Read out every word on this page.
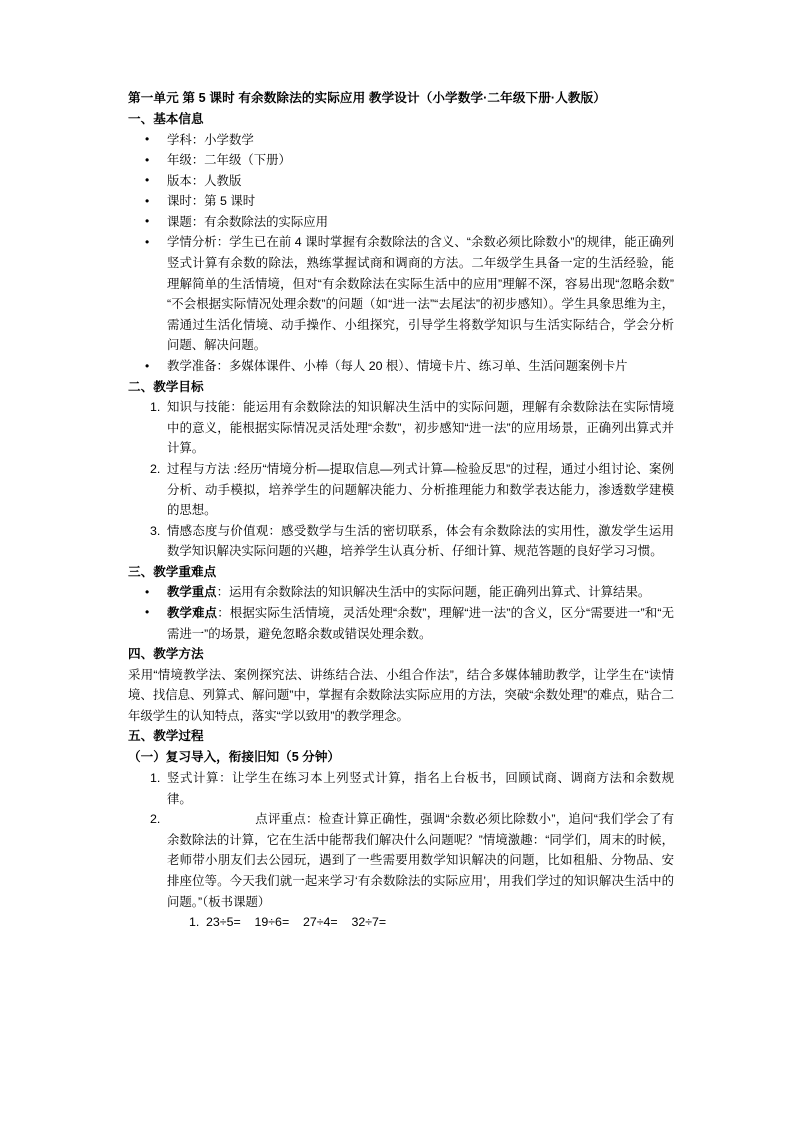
第一单元 第 5 课时 有余数除法的实际应用 教学设计（小学数学·二年级下册·人教版）
一、基本信息
• 学科：小学数学
• 年级：二年级（下册）
• 版本：人教版
• 课时：第 5 课时
• 课题：有余数除法的实际应用
• 学情分析：学生已在前 4 课时掌握有余数除法的含义、“余数必须比除数小”的规律，能正确列竖式计算有余数的除法，熟练掌握试商和调商的方法。二年级学生具备一定的生活经验，能理解简单的生活情境，但对“有余数除法在实际生活中的应用”理解不深，容易出现“忽略余数”“不会根据实际情况处理余数”的问题（如“进一法”“去尾法”的初步感知）。学生具象思维为主，需通过生活化情境、动手操作、小组探究，引导学生将数学知识与生活实际结合，学会分析问题、解决问题。
• 教学准备：多媒体课件、小棒（每人 20 根）、情境卡片、练习单、生活问题案例卡片
二、教学目标
知识与技能：能运用有余数除法的知识解决生活中的实际问题，理解有余数除法在实际情境中的意义，能根据实际情况灵活处理“余数”，初步感知“进一法”的应用场景，正确列出算式并计算。
过程与方法 :经历“情境分析—提取信息—列式计算—检验反思”的过程，通过小组讨论、案例分析、动手模拟，培养学生的问题解决能力、分析推理能力和数学表达能力，渗透数学建模的思想。
情感态度与价值观：感受数学与生活的密切联系，体会有余数除法的实用性，激发学生运用数学知识解决实际问题的兴趣，培养学生认真分析、仔细计算、规范答题的良好学习习惯。
三、教学重难点
• 教学重点：运用有余数除法的知识解决生活中的实际问题，能正确列出算式、计算结果。
• 教学难点：根据实际生活情境，灵活处理“余数”，理解“进一法”的含义，区分“需要进一”和“无需进一”的场景，避免忽略余数或错误处理余数。
四、教学方法

采用“情境教学法、案例探究法、讲练结合法、小组合作法”，结合多媒体辅助教学，让学生在“读情境、找信息、列算式、解问题”中，掌握有余数除法实际应用的方法，突破“余数处理”的难点，贴合二年级学生的认知特点，落实“学以致用”的教学理念。

五、教学过程
（一）复习导入，衔接旧知（5 分钟）
竖式计算：让学生在练习本上列竖式计算，指名上台板书，回顾试商、调商方法和余数规律。
点评重点：检查计算正确性，强调“余数必须比除数小”，追问“我们学会了有余数除法的计算，它在生活中能帮我们解决什么问题呢？”情境激趣：“同学们，周末的时候，老师带小朋友们去公园玩，遇到了一些需要用数学知识解决的问题，比如租船、分物品、安排座位等。今天我们就一起来学习‘有余数除法的实际应用’，用我们学过的知识解决生活中的问题。”（板书课题）
23÷5=    19÷6=    27÷4=    32÷7=
